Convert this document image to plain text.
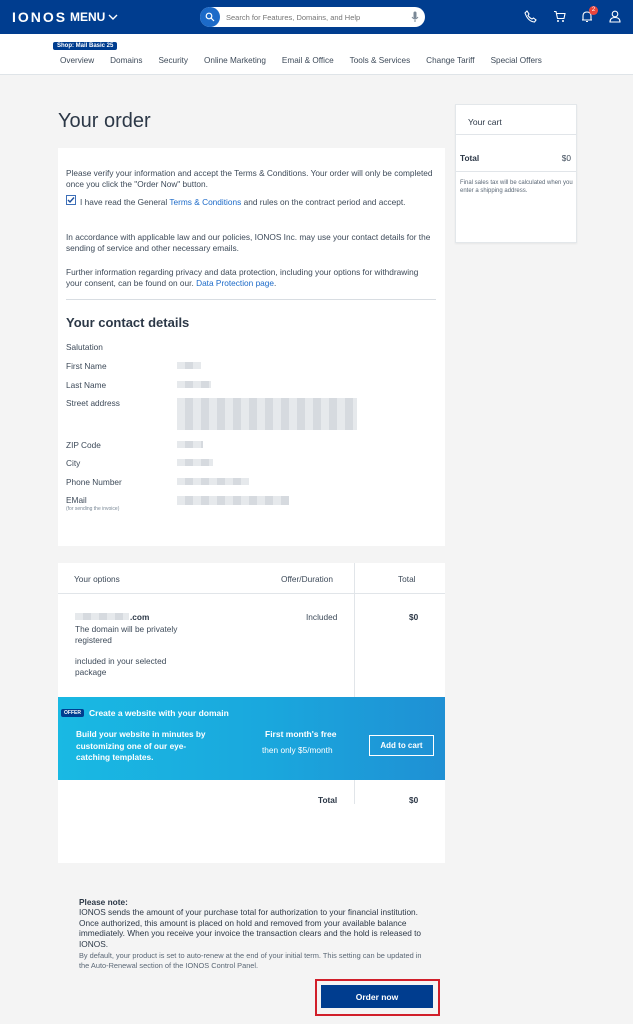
IONOS MENU
Search for Features, Domains, and Help	2
Shop: Mail Basic 25
Overview Domains Security Online Marketing Email & Office Tools & Services Change Tariff Special Offers
Your order
Please verify your information and accept the Terms & Conditions. Your order will only be completed once you click the "Order Now" button.
I have read the General Terms & Conditions and rules on the contract period and accept.
In accordance with applicable law and our policies, IONOS Inc. may use your contact details for the sending of service and other necessary emails.
Further information regarding privacy and data protection, including your options for withdrawing your consent, can be found on our. Data Protection page.
Your contact details
Salutation
First Name
Last Name
Street address
ZIP Code
City
Phone Number
EMail
(for sending the invoice)
Your options	Offer/Duration	Total
.com
The domain will be privately registered
included in your selected package
Included	$0
OFFER Create a website with your domain
Build your website in minutes by customizing one of our eye-catching templates.
First month's free
then only $5/month	Add to cart
Total	$0
Your cart
Total	$0
Final sales tax will be calculated when you enter a shipping address.
Please note:
IONOS sends the amount of your purchase total for authorization to your financial institution. Once authorized, this amount is placed on hold and removed from your available balance immediately. When you receive your invoice the transaction clears and the hold is released to IONOS.
By default, your product is set to auto-renew at the end of your initial term. This setting can be updated in the Auto-Renewal section of the IONOS Control Panel.
Order now
